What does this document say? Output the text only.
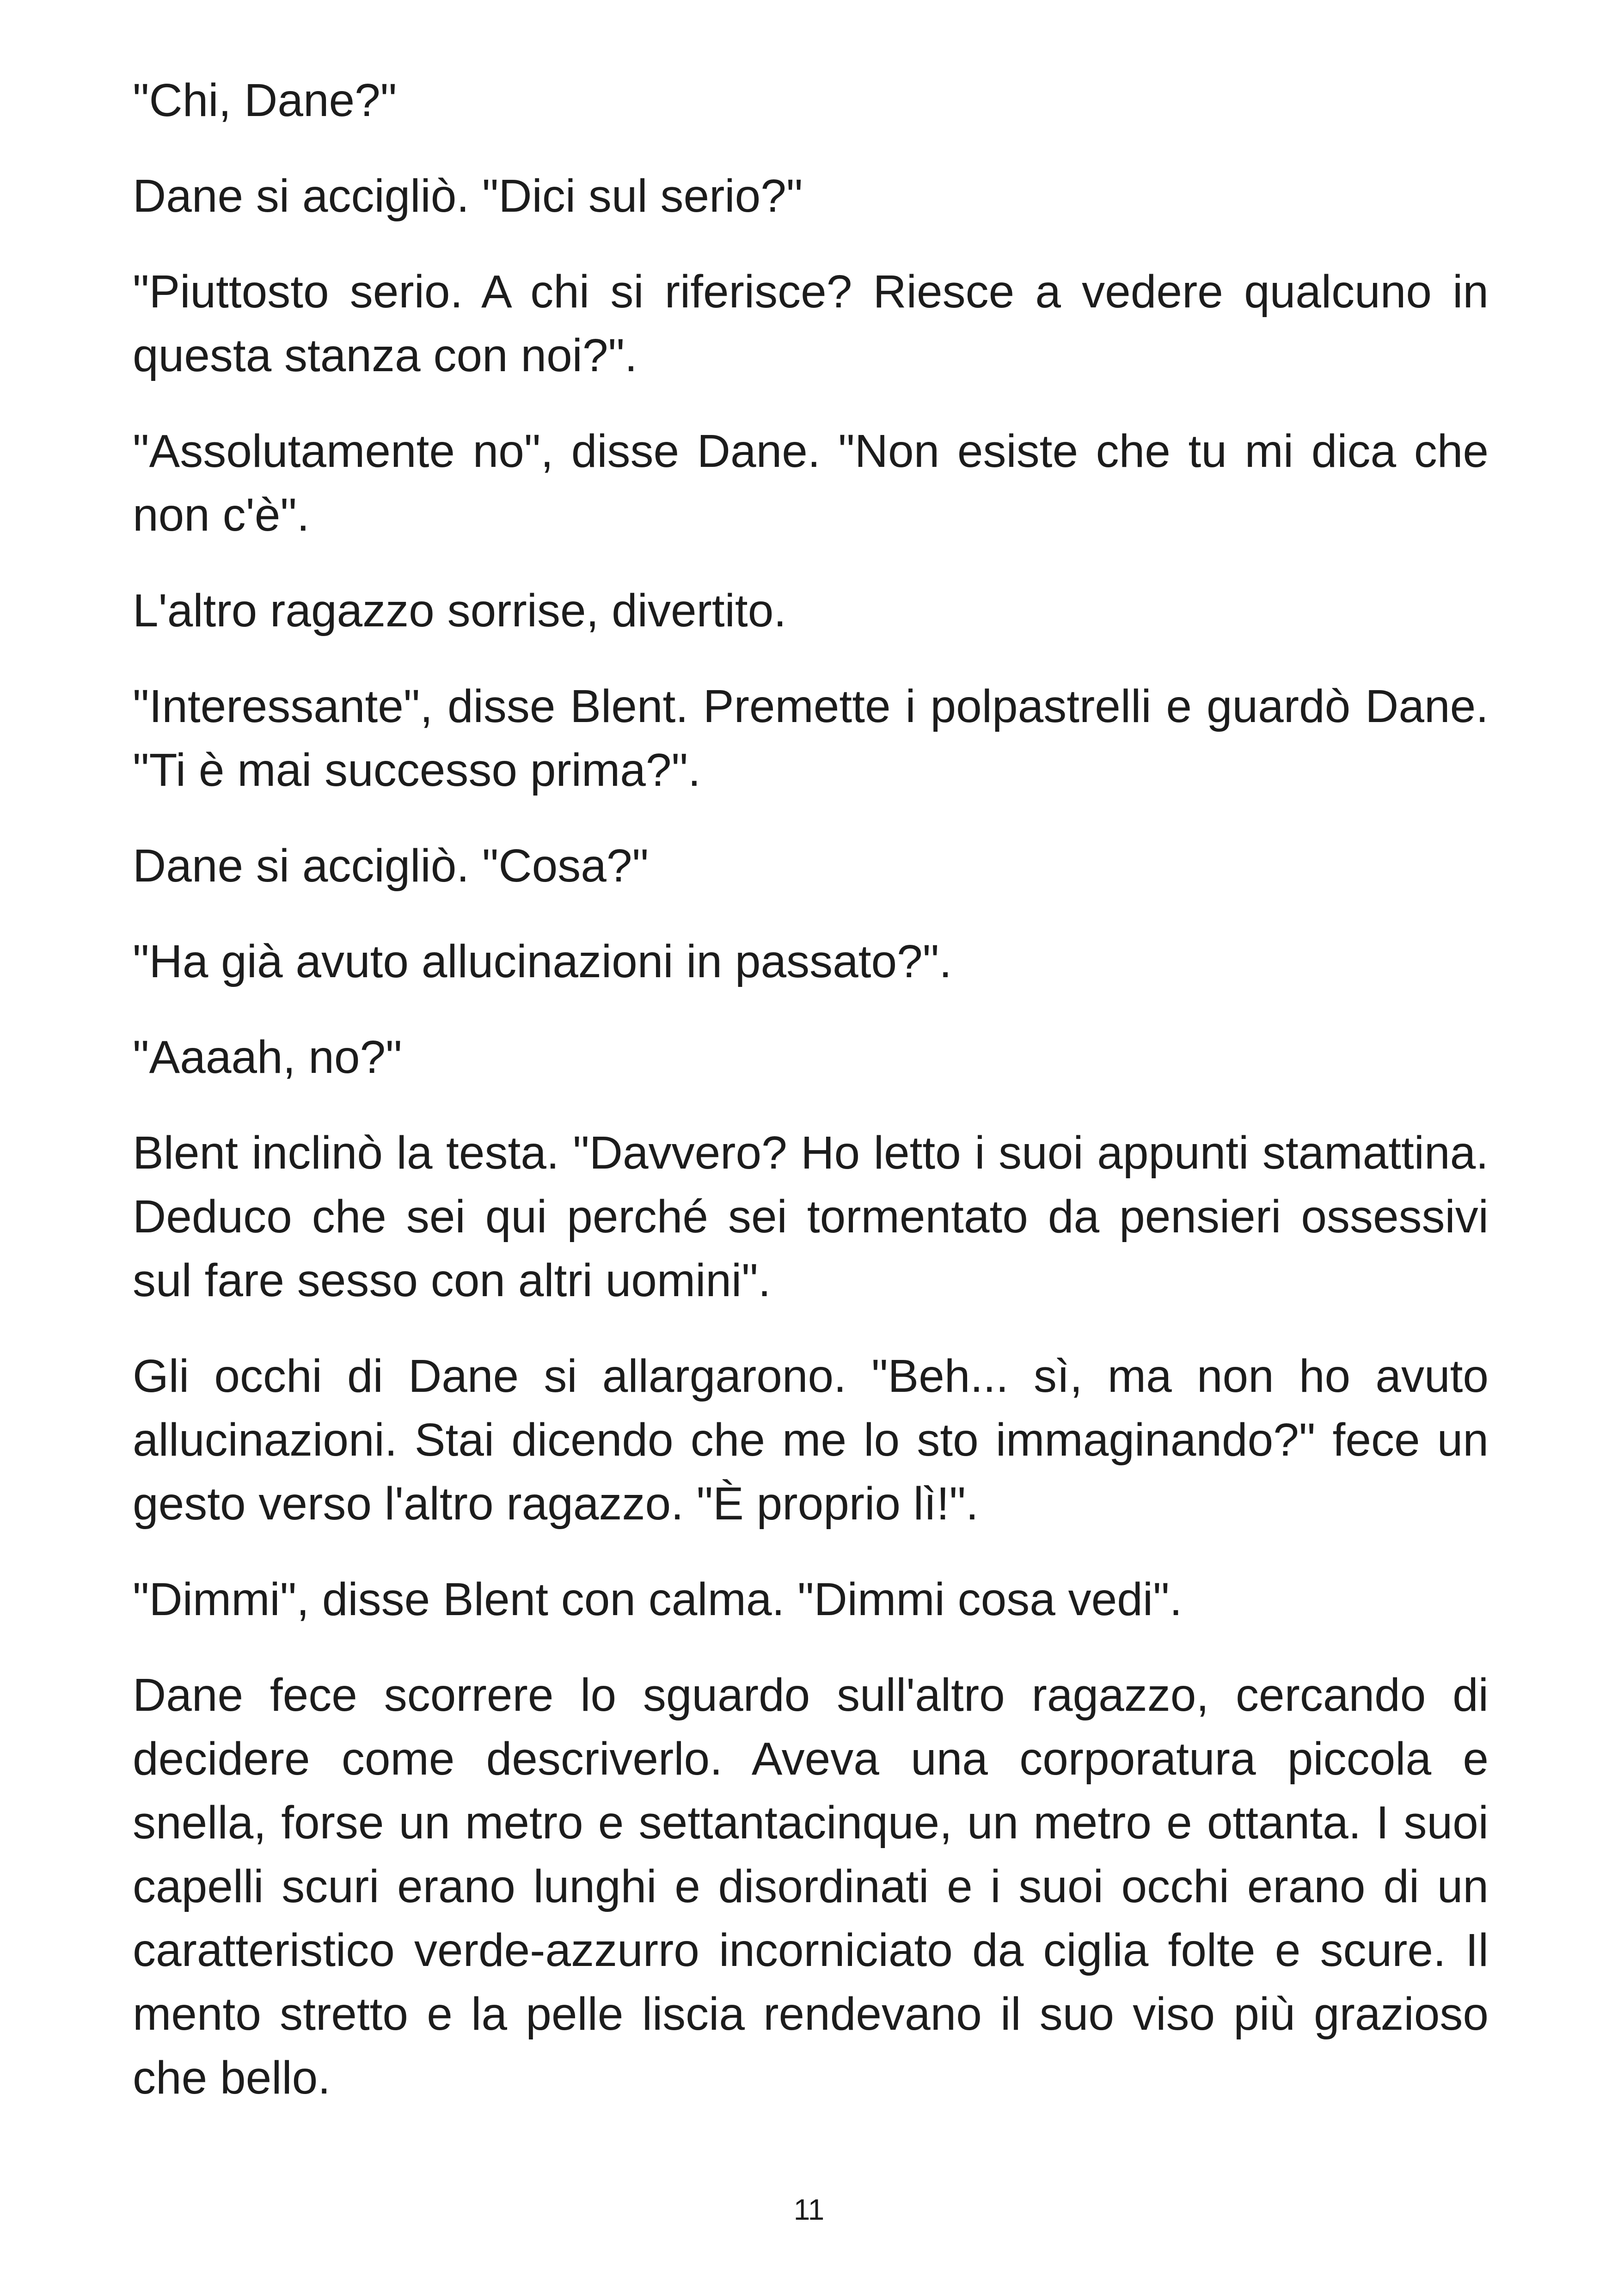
"Chi, Dane?"

Dane si accigliò. "Dici sul serio?"

"Piuttosto serio. A chi si riferisce? Riesce a vedere qualcuno in questa stanza con noi?".

"Assolutamente no", disse Dane. "Non esiste che tu mi dica che non c'è".

L'altro ragazzo sorrise, divertito.

"Interessante", disse Blent. Premette i polpastrelli e guardò Dane. "Ti è mai successo prima?".

Dane si accigliò. "Cosa?"

"Ha già avuto allucinazioni in passato?".

"Aaaah, no?"

Blent inclinò la testa. "Davvero? Ho letto i suoi appunti stamattina. Deduco che sei qui perché sei tormentato da pensieri ossessivi sul fare sesso con altri uomini".

Gli occhi di Dane si allargarono. "Beh... sì, ma non ho avuto allucinazioni. Stai dicendo che me lo sto immaginando?" fece un gesto verso l'altro ragazzo. "È proprio lì!".

"Dimmi", disse Blent con calma. "Dimmi cosa vedi".

Dane fece scorrere lo sguardo sull'altro ragazzo, cercando di decidere come descriverlo. Aveva una corporatura piccola e snella, forse un metro e settantacinque, un metro e ottanta. I suoi capelli scuri erano lunghi e disordinati e i suoi occhi erano di un caratteristico verde-azzurro incorniciato da ciglia folte e scure. Il mento stretto e la pelle liscia rendevano il suo viso più grazioso che bello.

11
